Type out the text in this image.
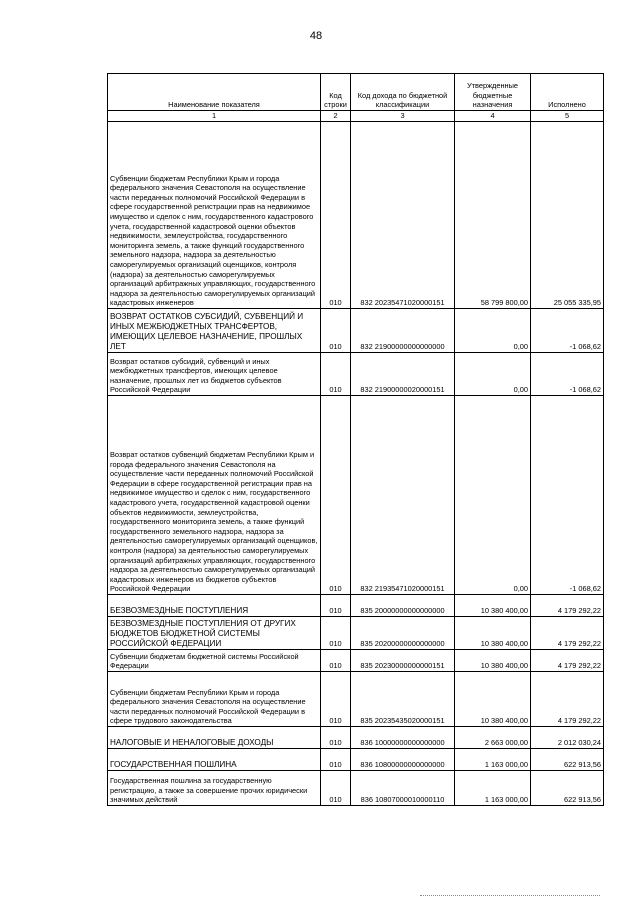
48
Наименование показателя	Код строки	Код дохода по бюджетной классификации	Утвержденные бюджетные назначения	Исполнено
1	2	3	4	5
Субвенции бюджетам Республики Крым и города федерального значения Севастополя на осуществление части переданных полномочий Российской Федерации в сфере государственной регистрации прав на недвижимое имущество и сделок с ним, государственного кадастрового учета, государственной кадастровой оценки объектов недвижимости, землеустройства, государственного мониторинга земель, а также функций государственного земельного надзора, надзора за деятельностью саморегулируемых организаций оценщиков, контроля (надзора) за деятельностью саморегулируемых организаций арбитражных управляющих, государственного надзора за деятельностью саморегулируемых организаций кадастровых инженеров	010	832 20235471020000151	58 799 800,00	25 055 335,95
ВОЗВРАТ ОСТАТКОВ СУБСИДИЙ, СУБВЕНЦИЙ И ИНЫХ МЕЖБЮДЖЕТНЫХ ТРАНСФЕРТОВ, ИМЕЮЩИХ ЦЕЛЕВОЕ НАЗНАЧЕНИЕ, ПРОШЛЫХ ЛЕТ	010	832 21900000000000000	0,00	-1 068,62
Возврат остатков субсидий, субвенций и иных межбюджетных трансфертов, имеющих целевое назначение, прошлых лет из бюджетов субъектов Российской Федерации	010	832 21900000020000151	0,00	-1 068,62
Возврат остатков субвенций бюджетам Республики Крым и города федерального значения Севастополя на осуществление части переданных полномочий Российской Федерации в сфере государственной регистрации прав на недвижимое имущество и сделок с ним, государственного кадастрового учета, государственной кадастровой оценки объектов недвижимости, землеустройства, государственного мониторинга земель, а также функций государственного земельного надзора, надзора за деятельностью саморегулируемых организаций оценщиков, контроля (надзора) за деятельностью саморегулируемых организаций арбитражных управляющих, государственного надзора за деятельностью саморегулируемых организаций кадастровых инженеров из бюджетов субъектов Российской Федерации	010	832 21935471020000151	0,00	-1 068,62
БЕЗВОЗМЕЗДНЫЕ ПОСТУПЛЕНИЯ	010	835 20000000000000000	10 380 400,00	4 179 292,22
БЕЗВОЗМЕЗДНЫЕ ПОСТУПЛЕНИЯ ОТ ДРУГИХ БЮДЖЕТОВ БЮДЖЕТНОЙ СИСТЕМЫ РОССИЙСКОЙ ФЕДЕРАЦИИ	010	835 20200000000000000	10 380 400,00	4 179 292,22
Субвенции бюджетам бюджетной системы Российской Федерации	010	835 20230000000000151	10 380 400,00	4 179 292,22
Субвенции бюджетам Республики Крым и города федерального значения Севастополя на осуществление части переданных полномочий Российской Федерации в сфере трудового законодательства	010	835 20235435020000151	10 380 400,00	4 179 292,22
НАЛОГОВЫЕ И НЕНАЛОГОВЫЕ ДОХОДЫ	010	836 10000000000000000	2 663 000,00	2 012 030,24
ГОСУДАРСТВЕННАЯ ПОШЛИНА	010	836 10800000000000000	1 163 000,00	622 913,56
Государственная пошлина за государственную регистрацию, а также за совершение прочих юридически значимых действий	010	836 10807000010000110	1 163 000,00	622 913,56
